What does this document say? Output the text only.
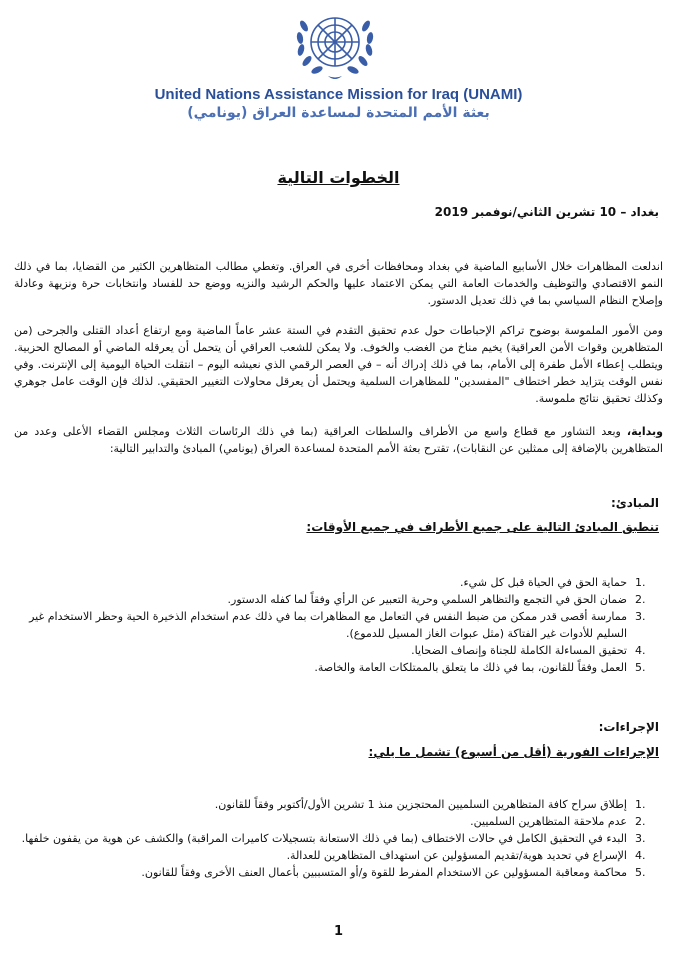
United Nations Assistance Mission for Iraq (UNAMI)
بعثة الأمم المتحدة لمساعدة العراق (يونامي)
الخطوات التالية
بغداد – 10 تشرين الثاني/نوفمبر 2019
اندلعت المظاهرات خلال الأسابيع الماضية في بغداد ومحافظات أخرى في العراق. وتغطي مطالب المتظاهرين الكثير من القضايا، بما في ذلك النمو الاقتصادي والتوظيف والخدمات العامة التي يمكن الاعتماد عليها والحكم الرشيد والنزيه ووضع حد للفساد وانتخابات حرة ونزيهة وعادلة وإصلاح النظام السياسي بما في ذلك تعديل الدستور.
ومن الأمور الملموسة بوضوح تراكم الإحباطات حول عدم تحقيق التقدم في الستة عشر عاماً الماضية ومع ارتفاع أعداد القتلى والجرحى (من المتظاهرين وقوات الأمن العراقية) يخيم مناخ من الغضب والخوف. ولا يمكن للشعب العراقي أن يتحمل أن يعرقله الماضي أو المصالح الحزبية. ويتطلب إعطاء الأمل طفرة إلى الأمام، بما في ذلك إدراك أنه – في العصر الرقمي الذي نعيشه اليوم – انتقلت الحياة اليومية إلى الإنترنت. وفي نفس الوقت يتزايد خطر اختطاف "المفسدين" للمظاهرات السلمية ويحتمل أن يعرقل محاولات التغيير الحقيقي. لذلك فإن الوقت عامل جوهري وكذلك تحقيق نتائج ملموسة.
وبداية، وبعد التشاور مع قطاع واسع من الأطراف والسلطات العراقية (بما في ذلك الرئاسات الثلاث ومجلس القضاء الأعلى وعدد من المتظاهرين بالإضافة إلى ممثلين عن النقابات)، تقترح بعثة الأمم المتحدة لمساعدة العراق (يونامي) المبادئ والتدابير التالية:
المبادئ:
تنطبق المبادئ التالية على جميع الأطراف في جميع الأوقات:
1.
حماية الحق في الحياة قبل كل شيء.
2.
ضمان الحق في التجمع والتظاهر السلمي وحرية التعبير عن الرأي وفقاً لما كفله الدستور.
3.
ممارسة أقصى قدر ممكن من ضبط النفس في التعامل مع المظاهرات بما في ذلك عدم استخدام الذخيرة الحية وحظر الاستخدام غير السليم للأدوات غير الفتاكة (مثل عبوات الغاز المسيل للدموع).
4.
تحقيق المساءلة الكاملة للجناة وإنصاف الضحايا.
5.
العمل وفقاً للقانون، بما في ذلك ما يتعلق بالممتلكات العامة والخاصة.
الإجراءات:
الإجراءات الفورية (أقل من أسبوع) تشمل ما يلي:
1.
إطلاق سراح كافة المتظاهرين السلميين المحتجزين منذ 1 تشرين الأول/أكتوبر وفقاً للقانون.
2.
عدم ملاحقة المتظاهرين السلميين.
3.
البدء في التحقيق الكامل في حالات الاختطاف (بما في ذلك الاستعانة بتسجيلات كاميرات المراقبة) والكشف عن هوية من يقفون خلفها.
4.
الإسراع في تحديد هوية/تقديم المسؤولين عن استهداف المتظاهرين للعدالة.
5.
محاكمة ومعاقبة المسؤولين عن الاستخدام المفرط للقوة و/أو المتسببين بأعمال العنف الأخرى وفقاً للقانون.
1
